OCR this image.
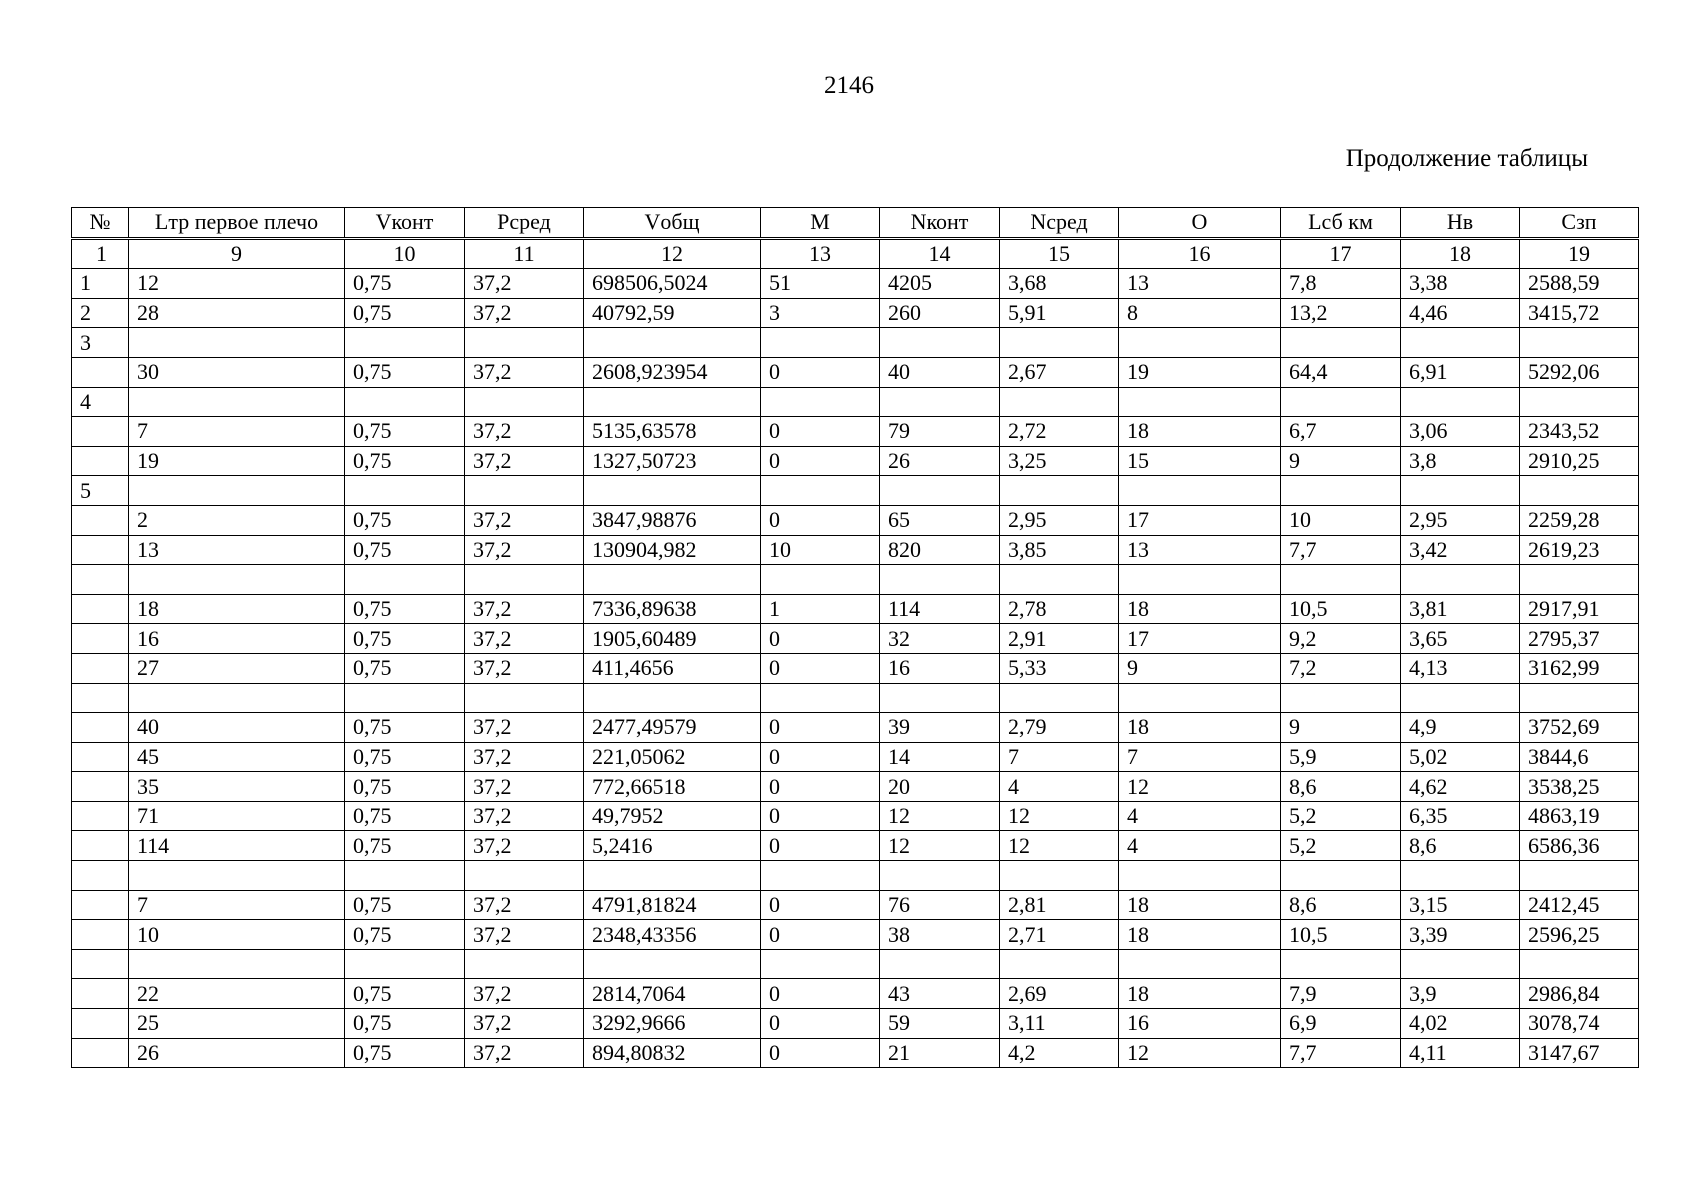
2146
Продолжение таблицы
№	Lтр первое плечо	Vконт	Pсред	Vобщ	M	Nконт	Nсред	O	Lсб км	Hв	Cзп
1	9	10	11	12	13	14	15	16	17	18	19
1	12	0,75	37,2	698506,5024	51	4205	3,68	13	7,8	3,38	2588,59
2	28	0,75	37,2	40792,59	3	260	5,91	8	13,2	4,46	3415,72
3											
	30	0,75	37,2	2608,923954	0	40	2,67	19	64,4	6,91	5292,06
4											
	7	0,75	37,2	5135,63578	0	79	2,72	18	6,7	3,06	2343,52
	19	0,75	37,2	1327,50723	0	26	3,25	15	9	3,8	2910,25
5											
	2	0,75	37,2	3847,98876	0	65	2,95	17	10	2,95	2259,28
	13	0,75	37,2	130904,982	10	820	3,85	13	7,7	3,42	2619,23

	18	0,75	37,2	7336,89638	1	114	2,78	18	10,5	3,81	2917,91
	16	0,75	37,2	1905,60489	0	32	2,91	17	9,2	3,65	2795,37
	27	0,75	37,2	411,4656	0	16	5,33	9	7,2	4,13	3162,99

	40	0,75	37,2	2477,49579	0	39	2,79	18	9	4,9	3752,69
	45	0,75	37,2	221,05062	0	14	7	7	5,9	5,02	3844,6
	35	0,75	37,2	772,66518	0	20	4	12	8,6	4,62	3538,25
	71	0,75	37,2	49,7952	0	12	12	4	5,2	6,35	4863,19
	114	0,75	37,2	5,2416	0	12	12	4	5,2	8,6	6586,36

	7	0,75	37,2	4791,81824	0	76	2,81	18	8,6	3,15	2412,45
	10	0,75	37,2	2348,43356	0	38	2,71	18	10,5	3,39	2596,25

	22	0,75	37,2	2814,7064	0	43	2,69	18	7,9	3,9	2986,84
	25	0,75	37,2	3292,9666	0	59	3,11	16	6,9	4,02	3078,74
	26	0,75	37,2	894,80832	0	21	4,2	12	7,7	4,11	3147,67
